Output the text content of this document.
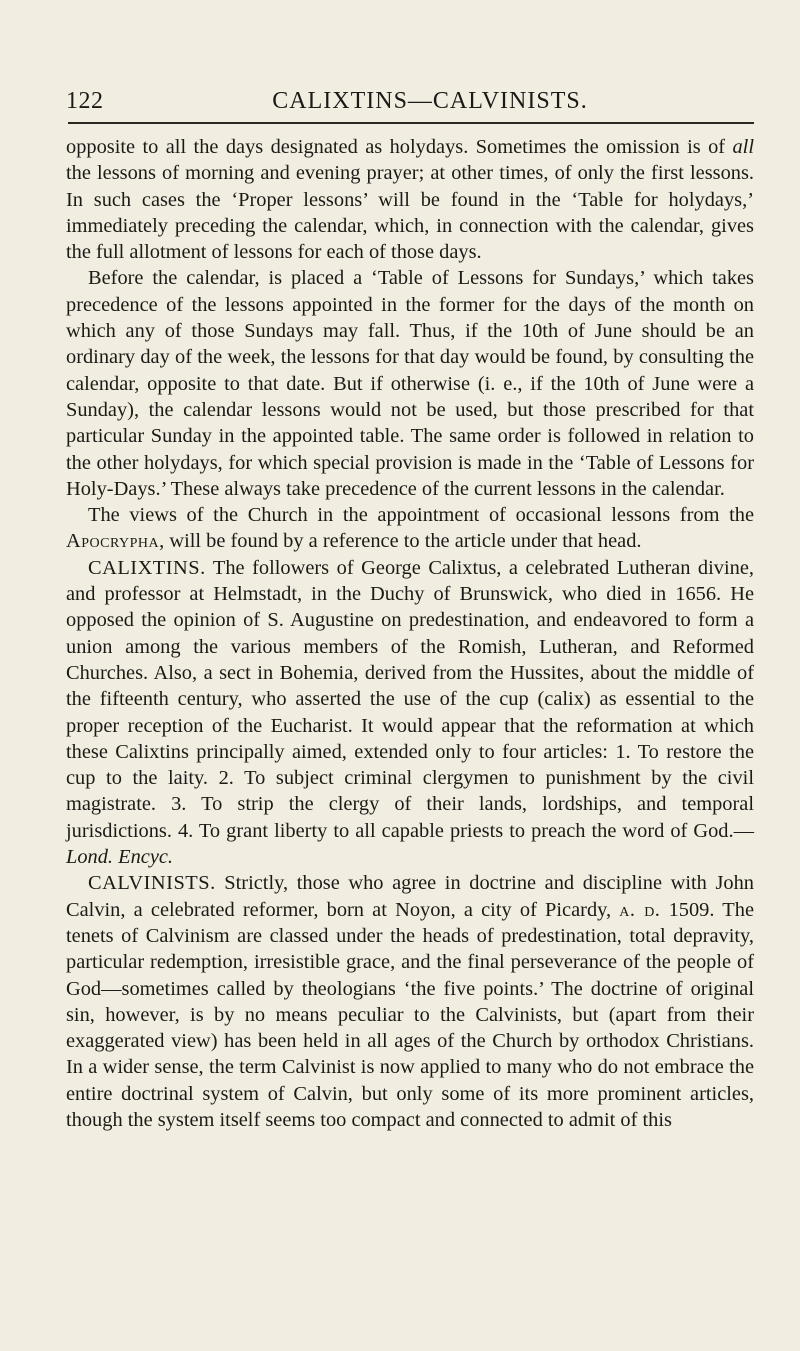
122	CALIXTINS—CALVINISTS.

opposite to all the days designated as holydays. Sometimes the omission is of all the lessons of morning and evening prayer; at other times, of only the first lessons. In such cases the ‘Proper lessons’ will be found in the ‘Table for holydays,’ immediately preceding the calendar, which, in connection with the calendar, gives the full allotment of lessons for each of those days.

Before the calendar, is placed a ‘Table of Lessons for Sundays,’ which takes precedence of the lessons appointed in the former for the days of the month on which any of those Sundays may fall. Thus, if the 10th of June should be an ordinary day of the week, the lessons for that day would be found, by consulting the calendar, opposite to that date. But if otherwise (i. e., if the 10th of June were a Sunday), the calendar lessons would not be used, but those prescribed for that particular Sunday in the appointed table. The same order is followed in relation to the other holydays, for which special provision is made in the ‘Table of Lessons for Holy-Days.’ These always take precedence of the current lessons in the calendar.

The views of the Church in the appointment of occasional lessons from the Apocrypha, will be found by a reference to the article under that head.

CALIXTINS. The followers of George Calixtus, a celebrated Lutheran divine, and professor at Helmstadt, in the Duchy of Brunswick, who died in 1656. He opposed the opinion of S. Augustine on predestination, and endeavored to form a union among the various members of the Romish, Lutheran, and Reformed Churches. Also, a sect in Bohemia, derived from the Hussites, about the middle of the fifteenth century, who asserted the use of the cup (calix) as essential to the proper reception of the Eucharist. It would appear that the reformation at which these Calixtins principally aimed, extended only to four articles: 1. To restore the cup to the laity. 2. To subject criminal clergymen to punishment by the civil magistrate. 3. To strip the clergy of their lands, lordships, and temporal jurisdictions. 4. To grant liberty to all capable priests to preach the word of God.— Lond. Encyc.

CALVINISTS. Strictly, those who agree in doctrine and discipline with John Calvin, a celebrated reformer, born at Noyon, a city of Picardy, a. d. 1509. The tenets of Calvinism are classed under the heads of predestination, total depravity, particular redemption, irresistible grace, and the final perseverance of the people of God—sometimes called by theologians ‘the five points.’ The doctrine of original sin, however, is by no means peculiar to the Calvinists, but (apart from their exaggerated view) has been held in all ages of the Church by orthodox Christians. In a wider sense, the term Calvinist is now applied to many who do not embrace the entire doctrinal system of Calvin, but only some of its more prominent articles, though the system itself seems too compact and connected to admit of this
